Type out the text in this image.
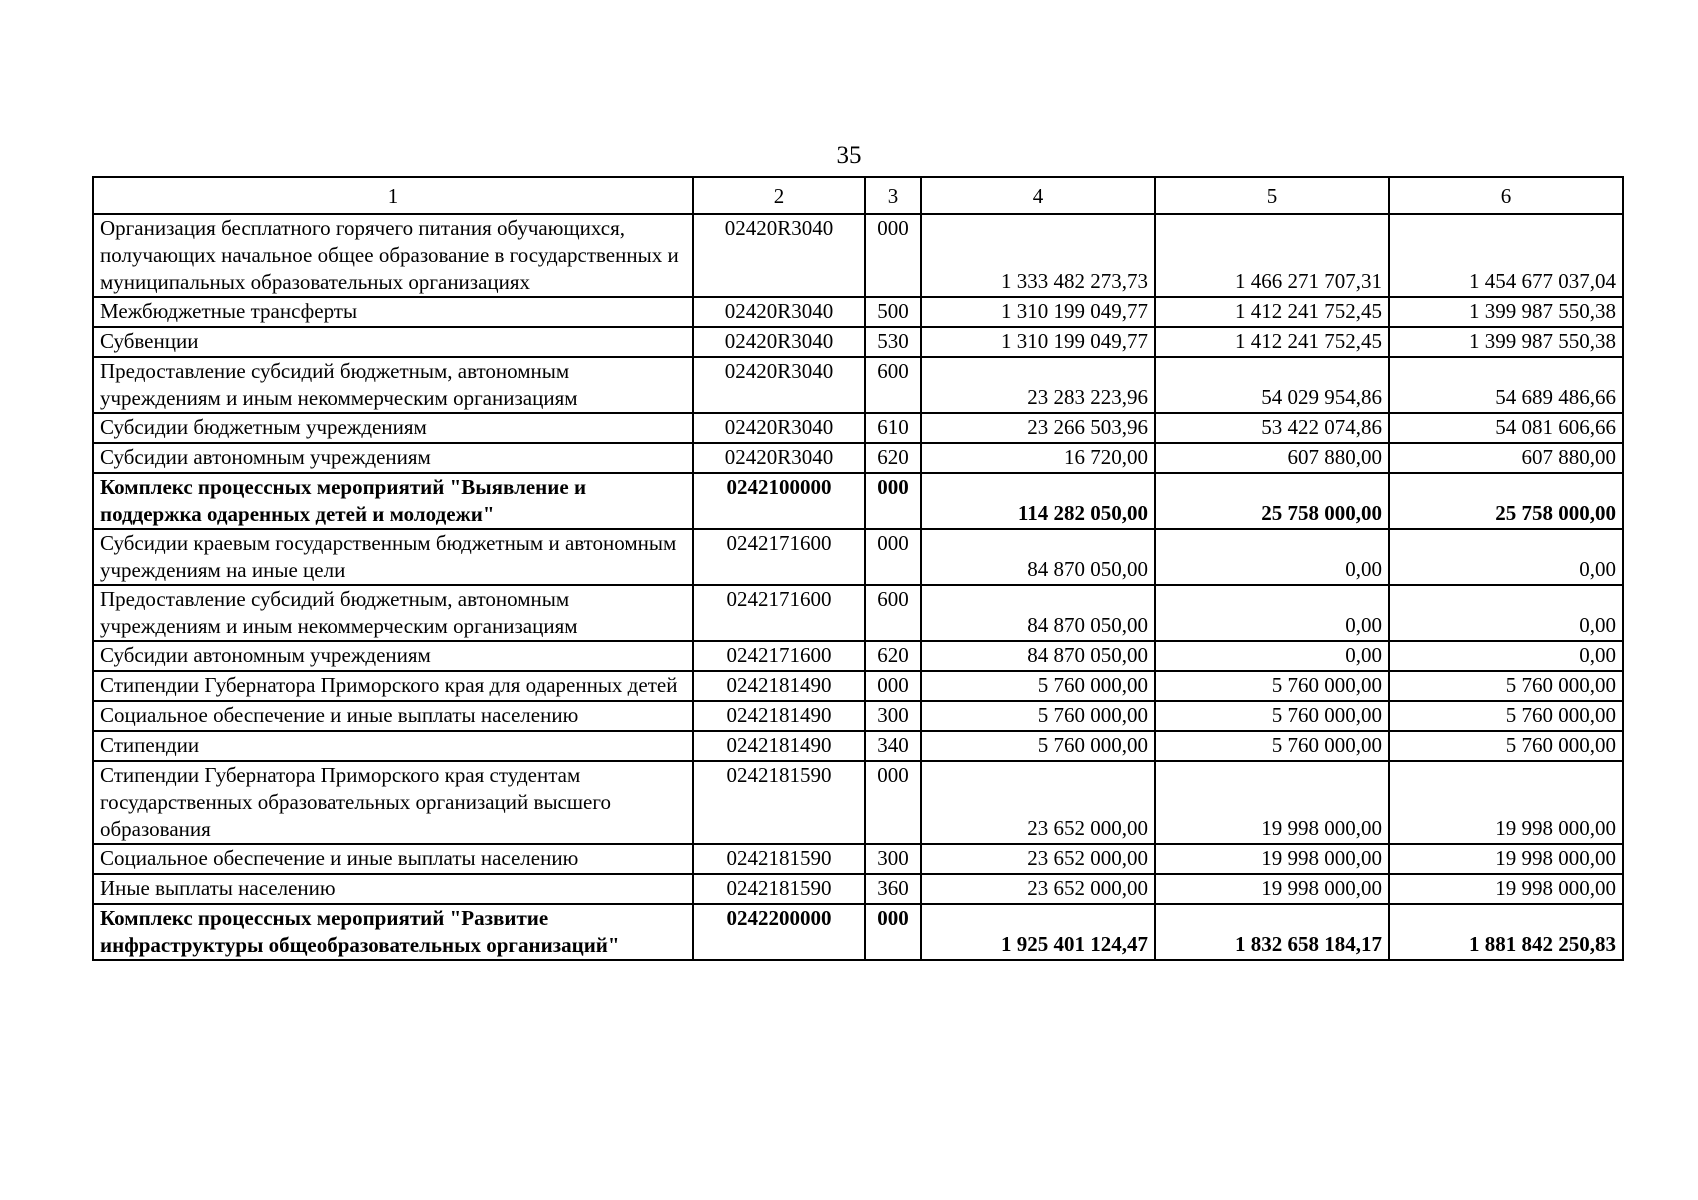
35
1	2	3	4	5	6
Организация бесплатного горячего питания обучающихся, получающих начальное общее образование в государственных и муниципальных образовательных организациях	02420R3040	000	1 333 482 273,73	1 466 271 707,31	1 454 677 037,04
Межбюджетные трансферты	02420R3040	500	1 310 199 049,77	1 412 241 752,45	1 399 987 550,38
Субвенции	02420R3040	530	1 310 199 049,77	1 412 241 752,45	1 399 987 550,38
Предоставление субсидий бюджетным, автономным учреждениям и иным некоммерческим организациям	02420R3040	600	23 283 223,96	54 029 954,86	54 689 486,66
Субсидии бюджетным учреждениям	02420R3040	610	23 266 503,96	53 422 074,86	54 081 606,66
Субсидии автономным учреждениям	02420R3040	620	16 720,00	607 880,00	607 880,00
Комплекс процессных мероприятий "Выявление и поддержка одаренных детей и молодежи"	0242100000	000	114 282 050,00	25 758 000,00	25 758 000,00
Субсидии краевым государственным бюджетным и автономным учреждениям на иные цели	0242171600	000	84 870 050,00	0,00	0,00
Предоставление субсидий бюджетным, автономным учреждениям и иным некоммерческим организациям	0242171600	600	84 870 050,00	0,00	0,00
Субсидии автономным учреждениям	0242171600	620	84 870 050,00	0,00	0,00
Стипендии Губернатора Приморского края для одаренных детей	0242181490	000	5 760 000,00	5 760 000,00	5 760 000,00
Социальное обеспечение и иные выплаты населению	0242181490	300	5 760 000,00	5 760 000,00	5 760 000,00
Стипендии	0242181490	340	5 760 000,00	5 760 000,00	5 760 000,00
Стипендии Губернатора Приморского края студентам государственных образовательных организаций высшего образования	0242181590	000	23 652 000,00	19 998 000,00	19 998 000,00
Социальное обеспечение и иные выплаты населению	0242181590	300	23 652 000,00	19 998 000,00	19 998 000,00
Иные выплаты населению	0242181590	360	23 652 000,00	19 998 000,00	19 998 000,00
Комплекс процессных мероприятий "Развитие инфраструктуры общеобразовательных организаций"	0242200000	000	1 925 401 124,47	1 832 658 184,17	1 881 842 250,83
